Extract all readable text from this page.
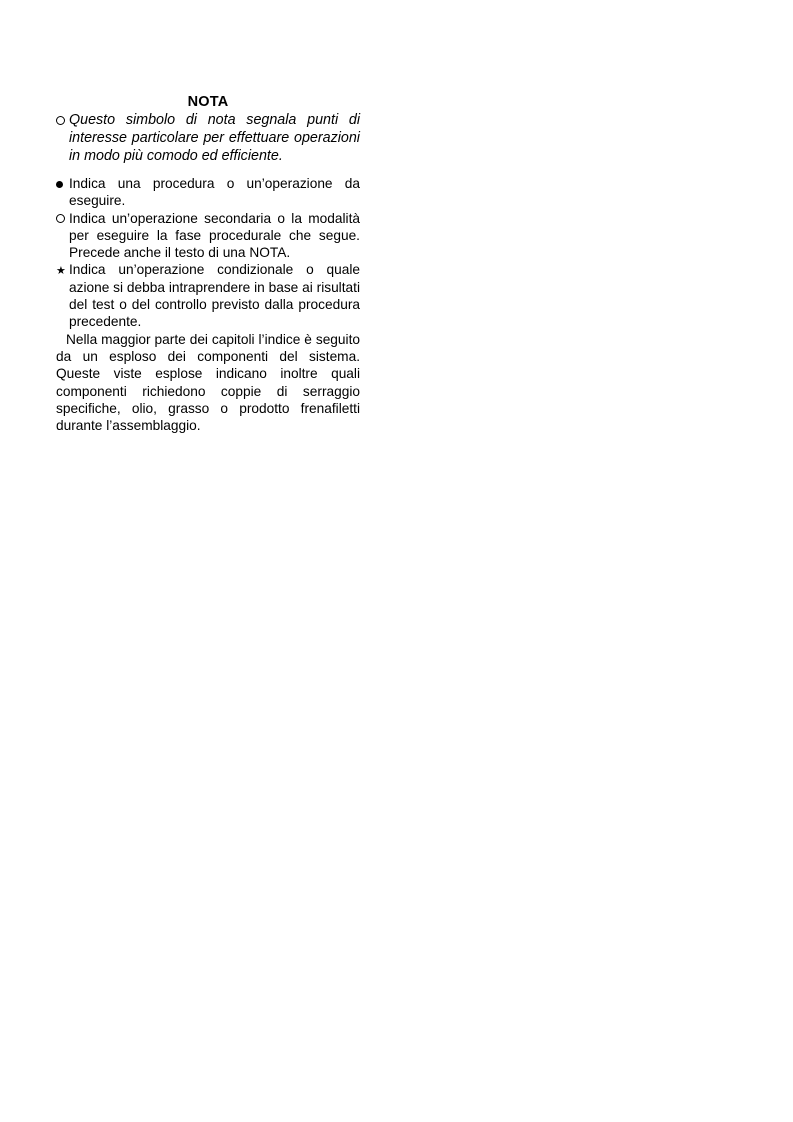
NOTA

Questo simbolo di nota segnala punti di interesse particolare per effettuare operazioni in modo più comodo ed efficiente.

Indica una procedura o un’operazione da eseguire.

Indica un’operazione secondaria o la modalità per eseguire la fase procedurale che segue. Precede anche il testo di una NOTA.

★ Indica un’operazione condizionale o quale azione si debba intraprendere in base ai risultati del test o del controllo previsto dalla procedura precedente.

Nella maggior parte dei capitoli l’indice è seguito da un esploso dei componenti del sistema. Queste viste esplose indicano inoltre quali componenti richiedono coppie di serraggio specifiche, olio, grasso o prodotto frenafiletti durante l’assemblaggio.
